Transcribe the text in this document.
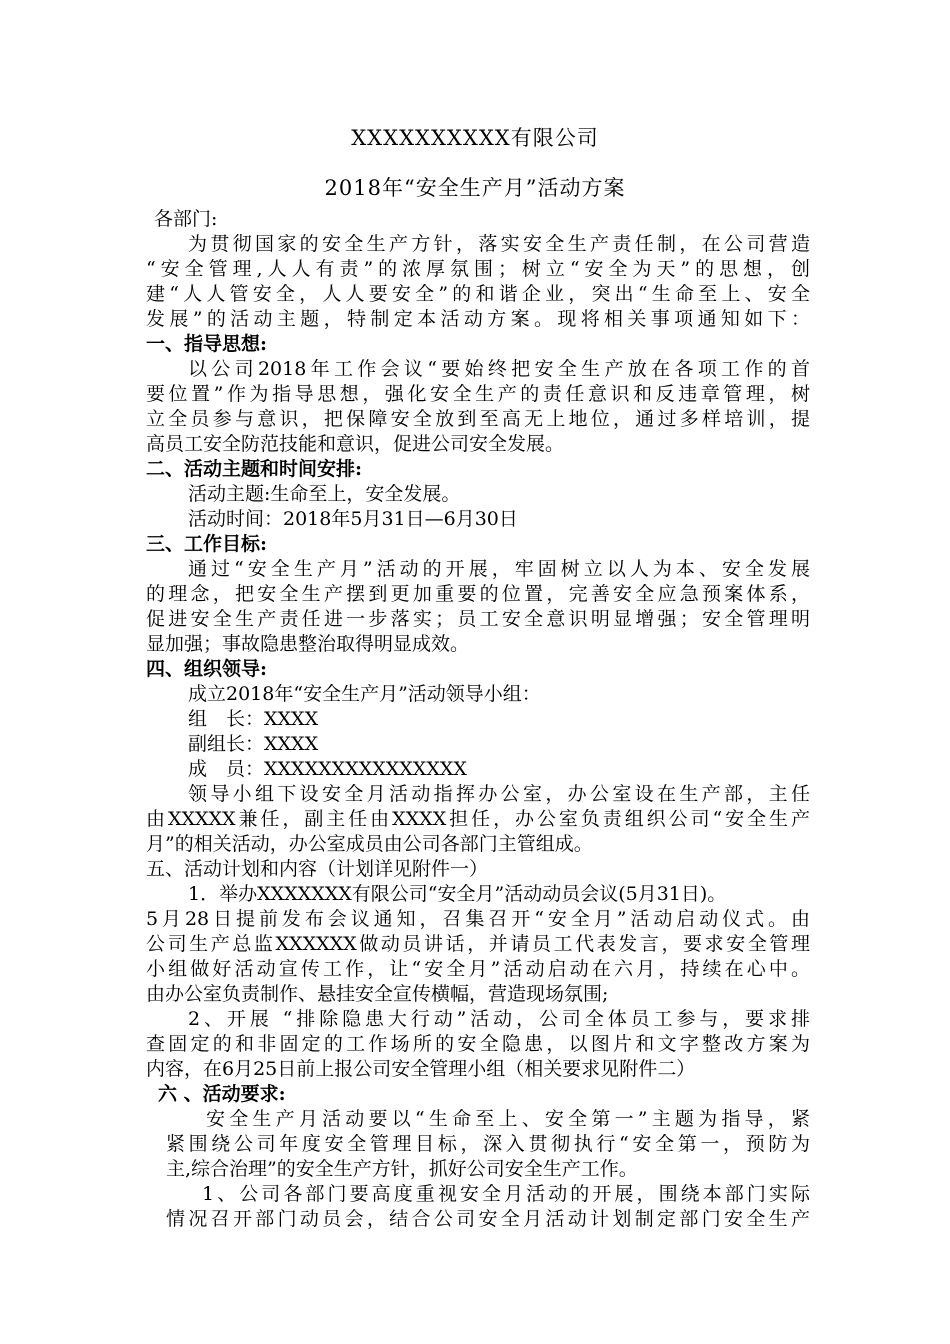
XXXXXXXXXX有限公司
2018年“安全生产月”活动方案
各部门:
为贯彻国家的安全生产方针，落实安全生产责任制，在公司营造
“安全管理,人人有责”的浓厚氛围；树立“安全为天”的思想，创
建“人人管安全，人人要安全”的和谐企业，突出“生命至上、安全
发展”的活动主题，特制定本活动方案。现将相关事项通知如下：
一、指导思想:
以公司2018年工作会议“要始终把安全生产放在各项工作的首
要位置”作为指导思想，强化安全生产的责任意识和反违章管理，树
立全员参与意识，把保障安全放到至高无上地位，通过多样培训，提
高员工安全防范技能和意识，促进公司安全发展。
二、活动主题和时间安排:
活动主题:生命至上，安全发展。
活动时间：2018年5月31日—6月30日
三、工作目标:
通过“安全生产月”活动的开展，牢固树立以人为本、安全发展
的理念，把安全生产摆到更加重要的位置，完善安全应急预案体系，
促进安全生产责任进一步落实；员工安全意识明显增强；安全管理明
显加强；事故隐患整治取得明显成效。
四、组织领导:
成立2018年“安全生产月”活动领导小组：
组　长：XXXX
副组长：XXXX
成　员：XXXXXXXXXXXXXXX
领导小组下设安全月活动指挥办公室，办公室设在生产部，主任
由XXXXX兼任，副主任由XXXX担任，办公室负责组织公司“安全生产
月”的相关活动，办公室成员由公司各部门主管组成。
五、活动计划和内容（计划详见附件一）
1．举办XXXXXXX有限公司“安全月”活动动员会议(5月31日)。
5月28日提前发布会议通知，召集召开“安全月”活动启动仪式。由
公司生产总监XXXXXX做动员讲话，并请员工代表发言，要求安全管理
小组做好活动宣传工作，让“安全月”活动启动在六月，持续在心中。
由办公室负责制作、悬挂安全宣传横幅，营造现场氛围;
2、开展 “排除隐患大行动”活动，公司全体员工参与，要求排
查固定的和非固定的工作场所的安全隐患，以图片和文字整改方案为
内容，在6月25日前上报公司安全管理小组（相关要求见附件二）
六 、活动要求:
安全生产月活动要以“生命至上、安全第一”主题为指导，紧
紧围绕公司年度安全管理目标，深入贯彻执行“安全第一，预防为
主,综合治理”的安全生产方针，抓好公司安全生产工作。
1、公司各部门要高度重视安全月活动的开展，围绕本部门实际
情况召开部门动员会，结合公司安全月活动计划制定部门安全生产
